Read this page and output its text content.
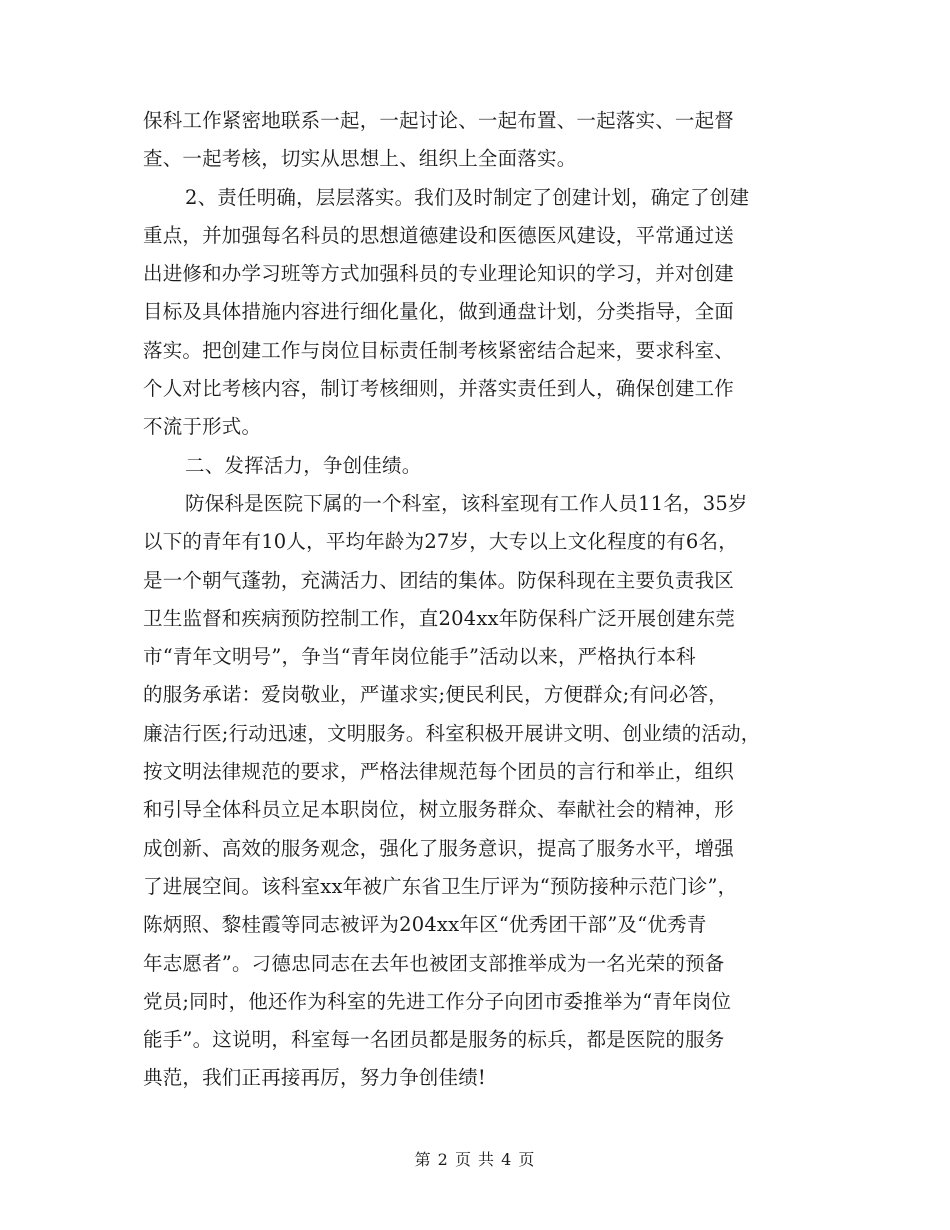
保科工作紧密地联系一起，一起讨论、一起布置、一起落实、一起督
查、一起考核，切实从思想上、组织上全面落实。
2、责任明确，层层落实。我们及时制定了创建计划，确定了创建
重点，并加强每名科员的思想道德建设和医德医风建设，平常通过送
出进修和办学习班等方式加强科员的专业理论知识的学习，并对创建
目标及具体措施内容进行细化量化，做到通盘计划，分类指导，全面
落实。把创建工作与岗位目标责任制考核紧密结合起来，要求科室、
个人对比考核内容，制订考核细则，并落实责任到人，确保创建工作
不流于形式。
二、发挥活力，争创佳绩。
防保科是医院下属的一个科室，该科室现有工作人员11名，35岁
以下的青年有10人，平均年龄为27岁，大专以上文化程度的有6名，
是一个朝气蓬勃，充满活力、团结的集体。防保科现在主要负责我区
卫生监督和疾病预防控制工作，直204xx年防保科广泛开展创建东莞
市“青年文明号”，争当“青年岗位能手”活动以来，严格执行本科
的服务承诺：爱岗敬业，严谨求实;便民利民，方便群众;有问必答，
廉洁行医;行动迅速，文明服务。科室积极开展讲文明、创业绩的活动，
按文明法律规范的要求，严格法律规范每个团员的言行和举止，组织
和引导全体科员立足本职岗位，树立服务群众、奉献社会的精神，形
成创新、高效的服务观念，强化了服务意识，提高了服务水平，增强
了进展空间。该科室xx年被广东省卫生厅评为“预防接种示范门诊”，
陈炳照、黎桂霞等同志被评为204xx年区“优秀团干部”及“优秀青
年志愿者”。刁德忠同志在去年也被团支部推举成为一名光荣的预备
党员;同时，他还作为科室的先进工作分子向团市委推举为“青年岗位
能手”。这说明，科室每一名团员都是服务的标兵，都是医院的服务
典范，我们正再接再厉，努力争创佳绩!
第 2 页 共 4 页
